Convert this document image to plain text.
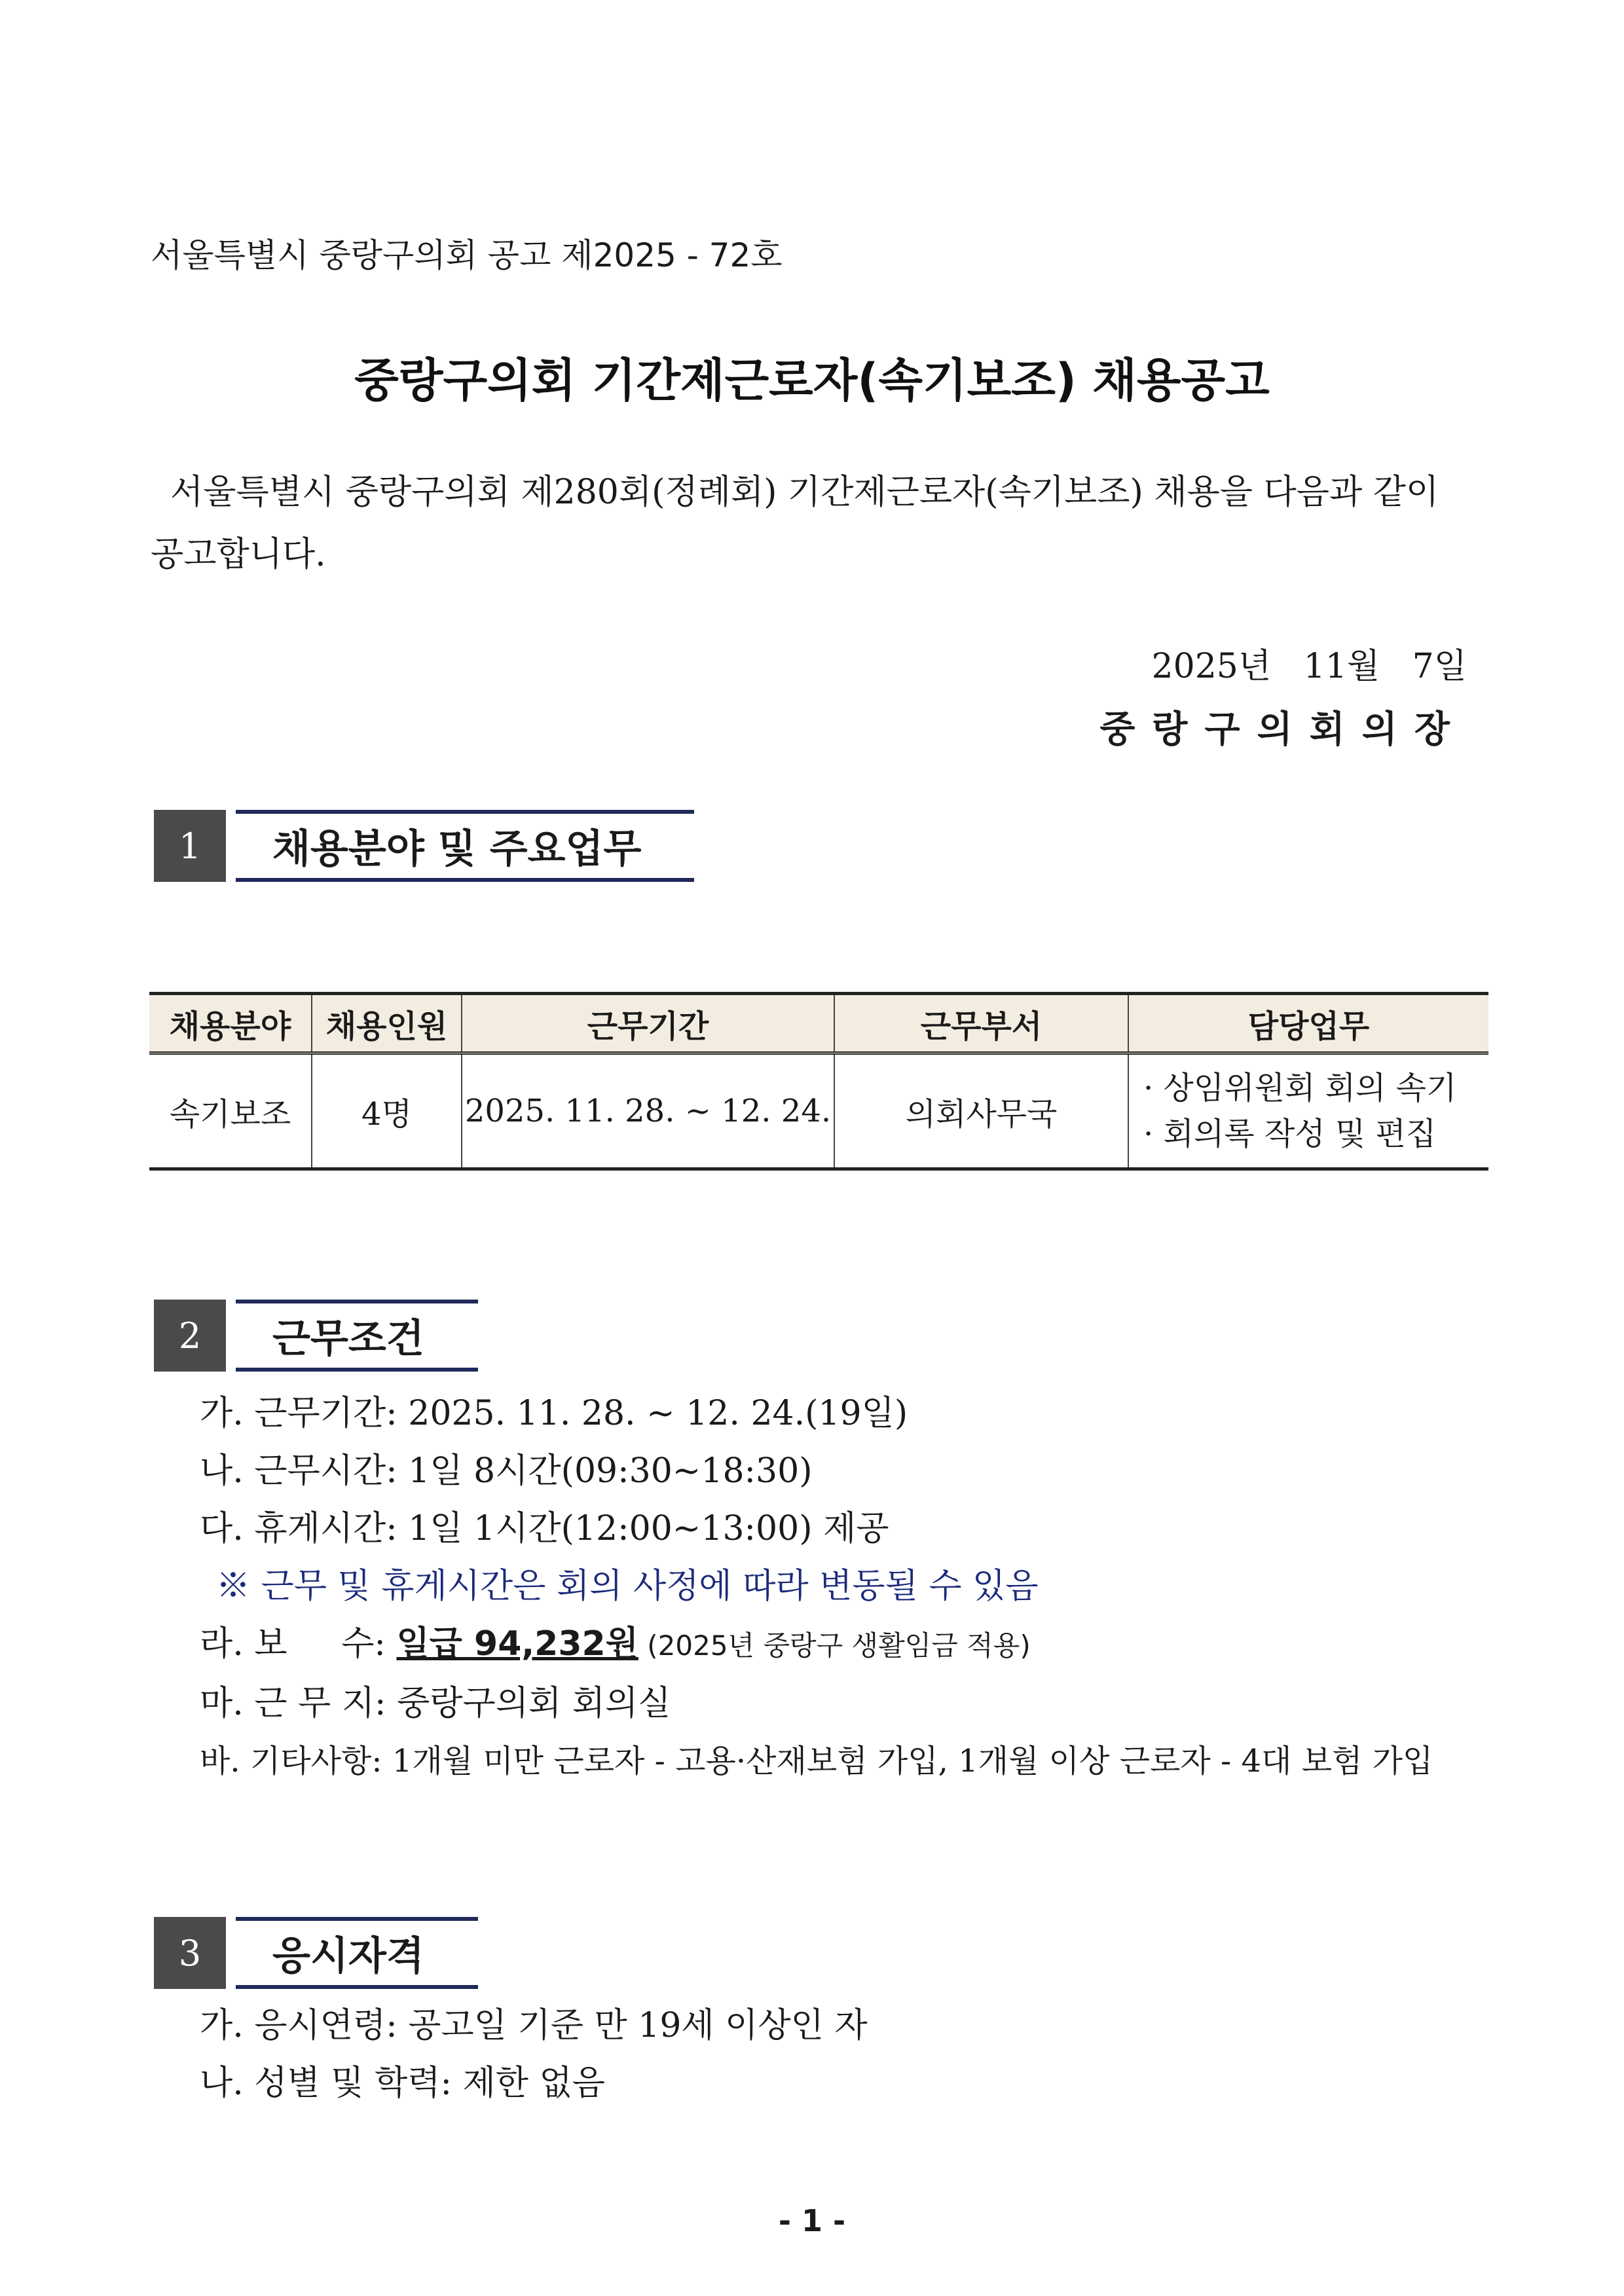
서울특별시 중랑구의회 공고 제2025 - 72호
중랑구의회 기간제근로자(속기보조) 채용공고
서울특별시 중랑구의회 제280회(정례회) 기간제근로자(속기보조) 채용을 다음과 같이 공고합니다.
2025년   11월   7일
중랑구의회의장
1	채용분야 및 주요업무
채용분야	채용인원	근무기간	근무부서	담당업무
속기보조	4명	2025. 11. 28. ~ 12. 24.	의회사무국	· 상임위원회 회의 속기
· 회의록 작성 및 편집
2	근무조건
가. 근무기간: 2025. 11. 28. ~ 12. 24.(19일)
나. 근무시간: 1일 8시간(09:30~18:30)
다. 휴게시간: 1일 1시간(12:00~13:00) 제공
※ 근무 및 휴게시간은 회의 사정에 따라 변동될 수 있음
라. 보     수: 일급 94,232원 (2025년 중랑구 생활임금 적용)
마. 근 무 지: 중랑구의회 회의실
바. 기타사항: 1개월 미만 근로자 - 고용·산재보험 가입, 1개월 이상 근로자 - 4대 보험 가입
3	응시자격
가. 응시연령: 공고일 기준 만 19세 이상인 자
나. 성별 및 학력: 제한 없음
- 1 -
